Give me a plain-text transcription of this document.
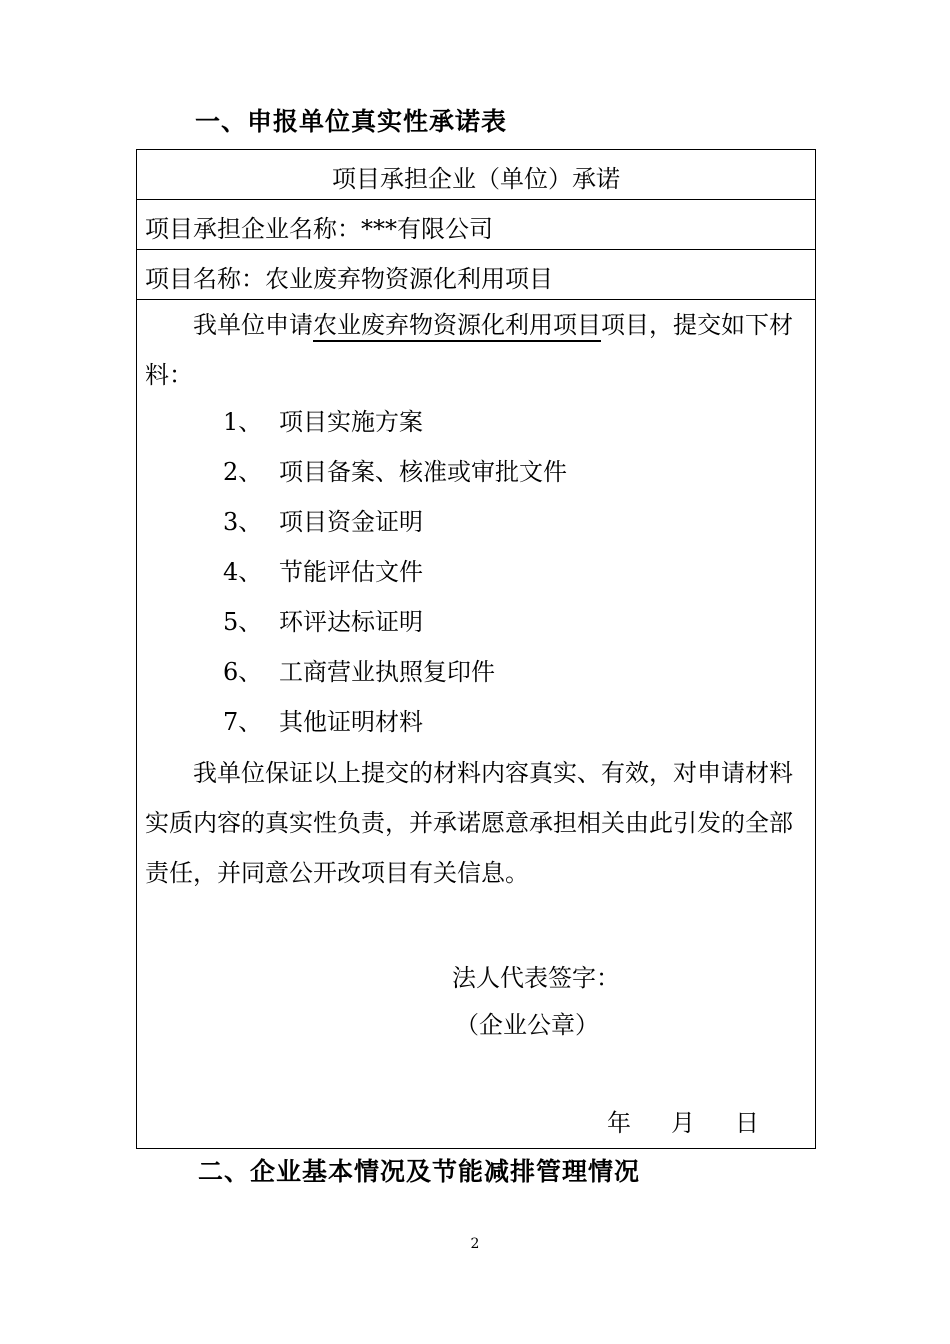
一、申报单位真实性承诺表
项目承担企业（单位）承诺
项目承担企业名称：***有限公司
项目名称：农业废弃物资源化利用项目
我单位申请农业废弃物资源化利用项目项目，提交如下材料：
1、 项目实施方案
2、 项目备案、核准或审批文件
3、 项目资金证明
4、 节能评估文件
5、 环评达标证明
6、 工商营业执照复印件
7、 其他证明材料
我单位保证以上提交的材料内容真实、有效，对申请材料实质内容的真实性负责，并承诺愿意承担相关由此引发的全部责任，并同意公开改项目有关信息。
法人代表签字：
（企业公章）
年 月 日
二、企业基本情况及节能减排管理情况
2
